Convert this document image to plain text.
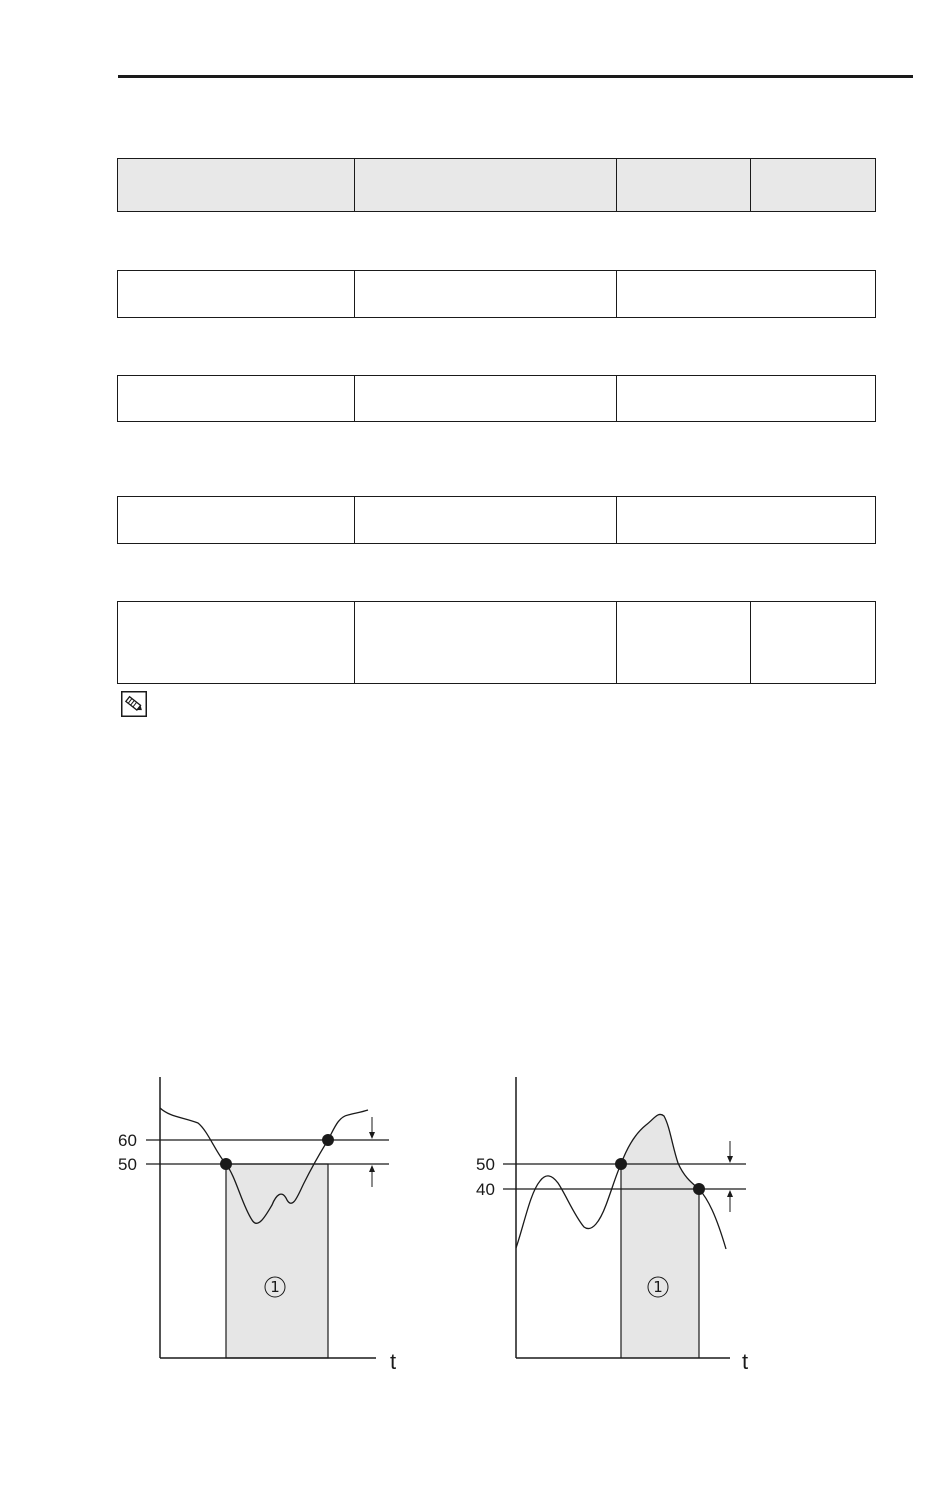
60
50
t
1
50
40
t
1
